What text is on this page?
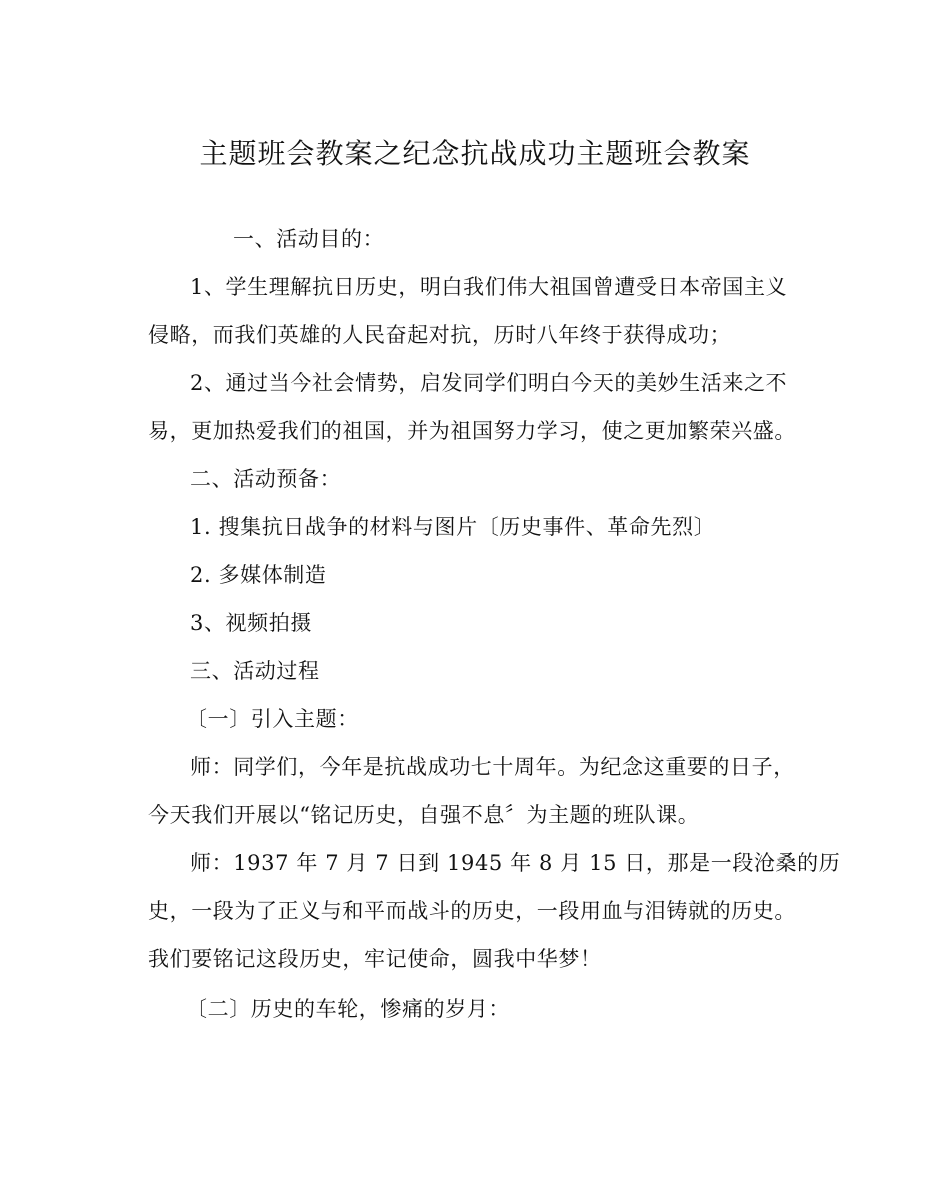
主题班会教案之纪念抗战成功主题班会教案
一、活动目的：
1、学生理解抗日历史，明白我们伟大祖国曾遭受日本帝国主义
侵略，而我们英雄的人民奋起对抗，历时八年终于获得成功；
2、通过当今社会情势，启发同学们明白今天的美妙生活来之不
易，更加热爱我们的祖国，并为祖国努力学习，使之更加繁荣兴盛。
二、活动预备：
1. 搜集抗日战争的材料与图片〔历史事件、革命先烈〕
2. 多媒体制造
3、视频拍摄
三、活动过程
〔一〕引入主题：
师：同学们，今年是抗战成功七十周年。为纪念这重要的日子，
今天我们开展以“铭记历史，自强不息〞为主题的班队课。
师：1937 年 7 月 7 日到 1945 年 8 月 15 日，那是一段沧桑的历
史，一段为了正义与和平而战斗的历史，一段用血与泪铸就的历史。
我们要铭记这段历史，牢记使命，圆我中华梦！
〔二〕历史的车轮，惨痛的岁月：
